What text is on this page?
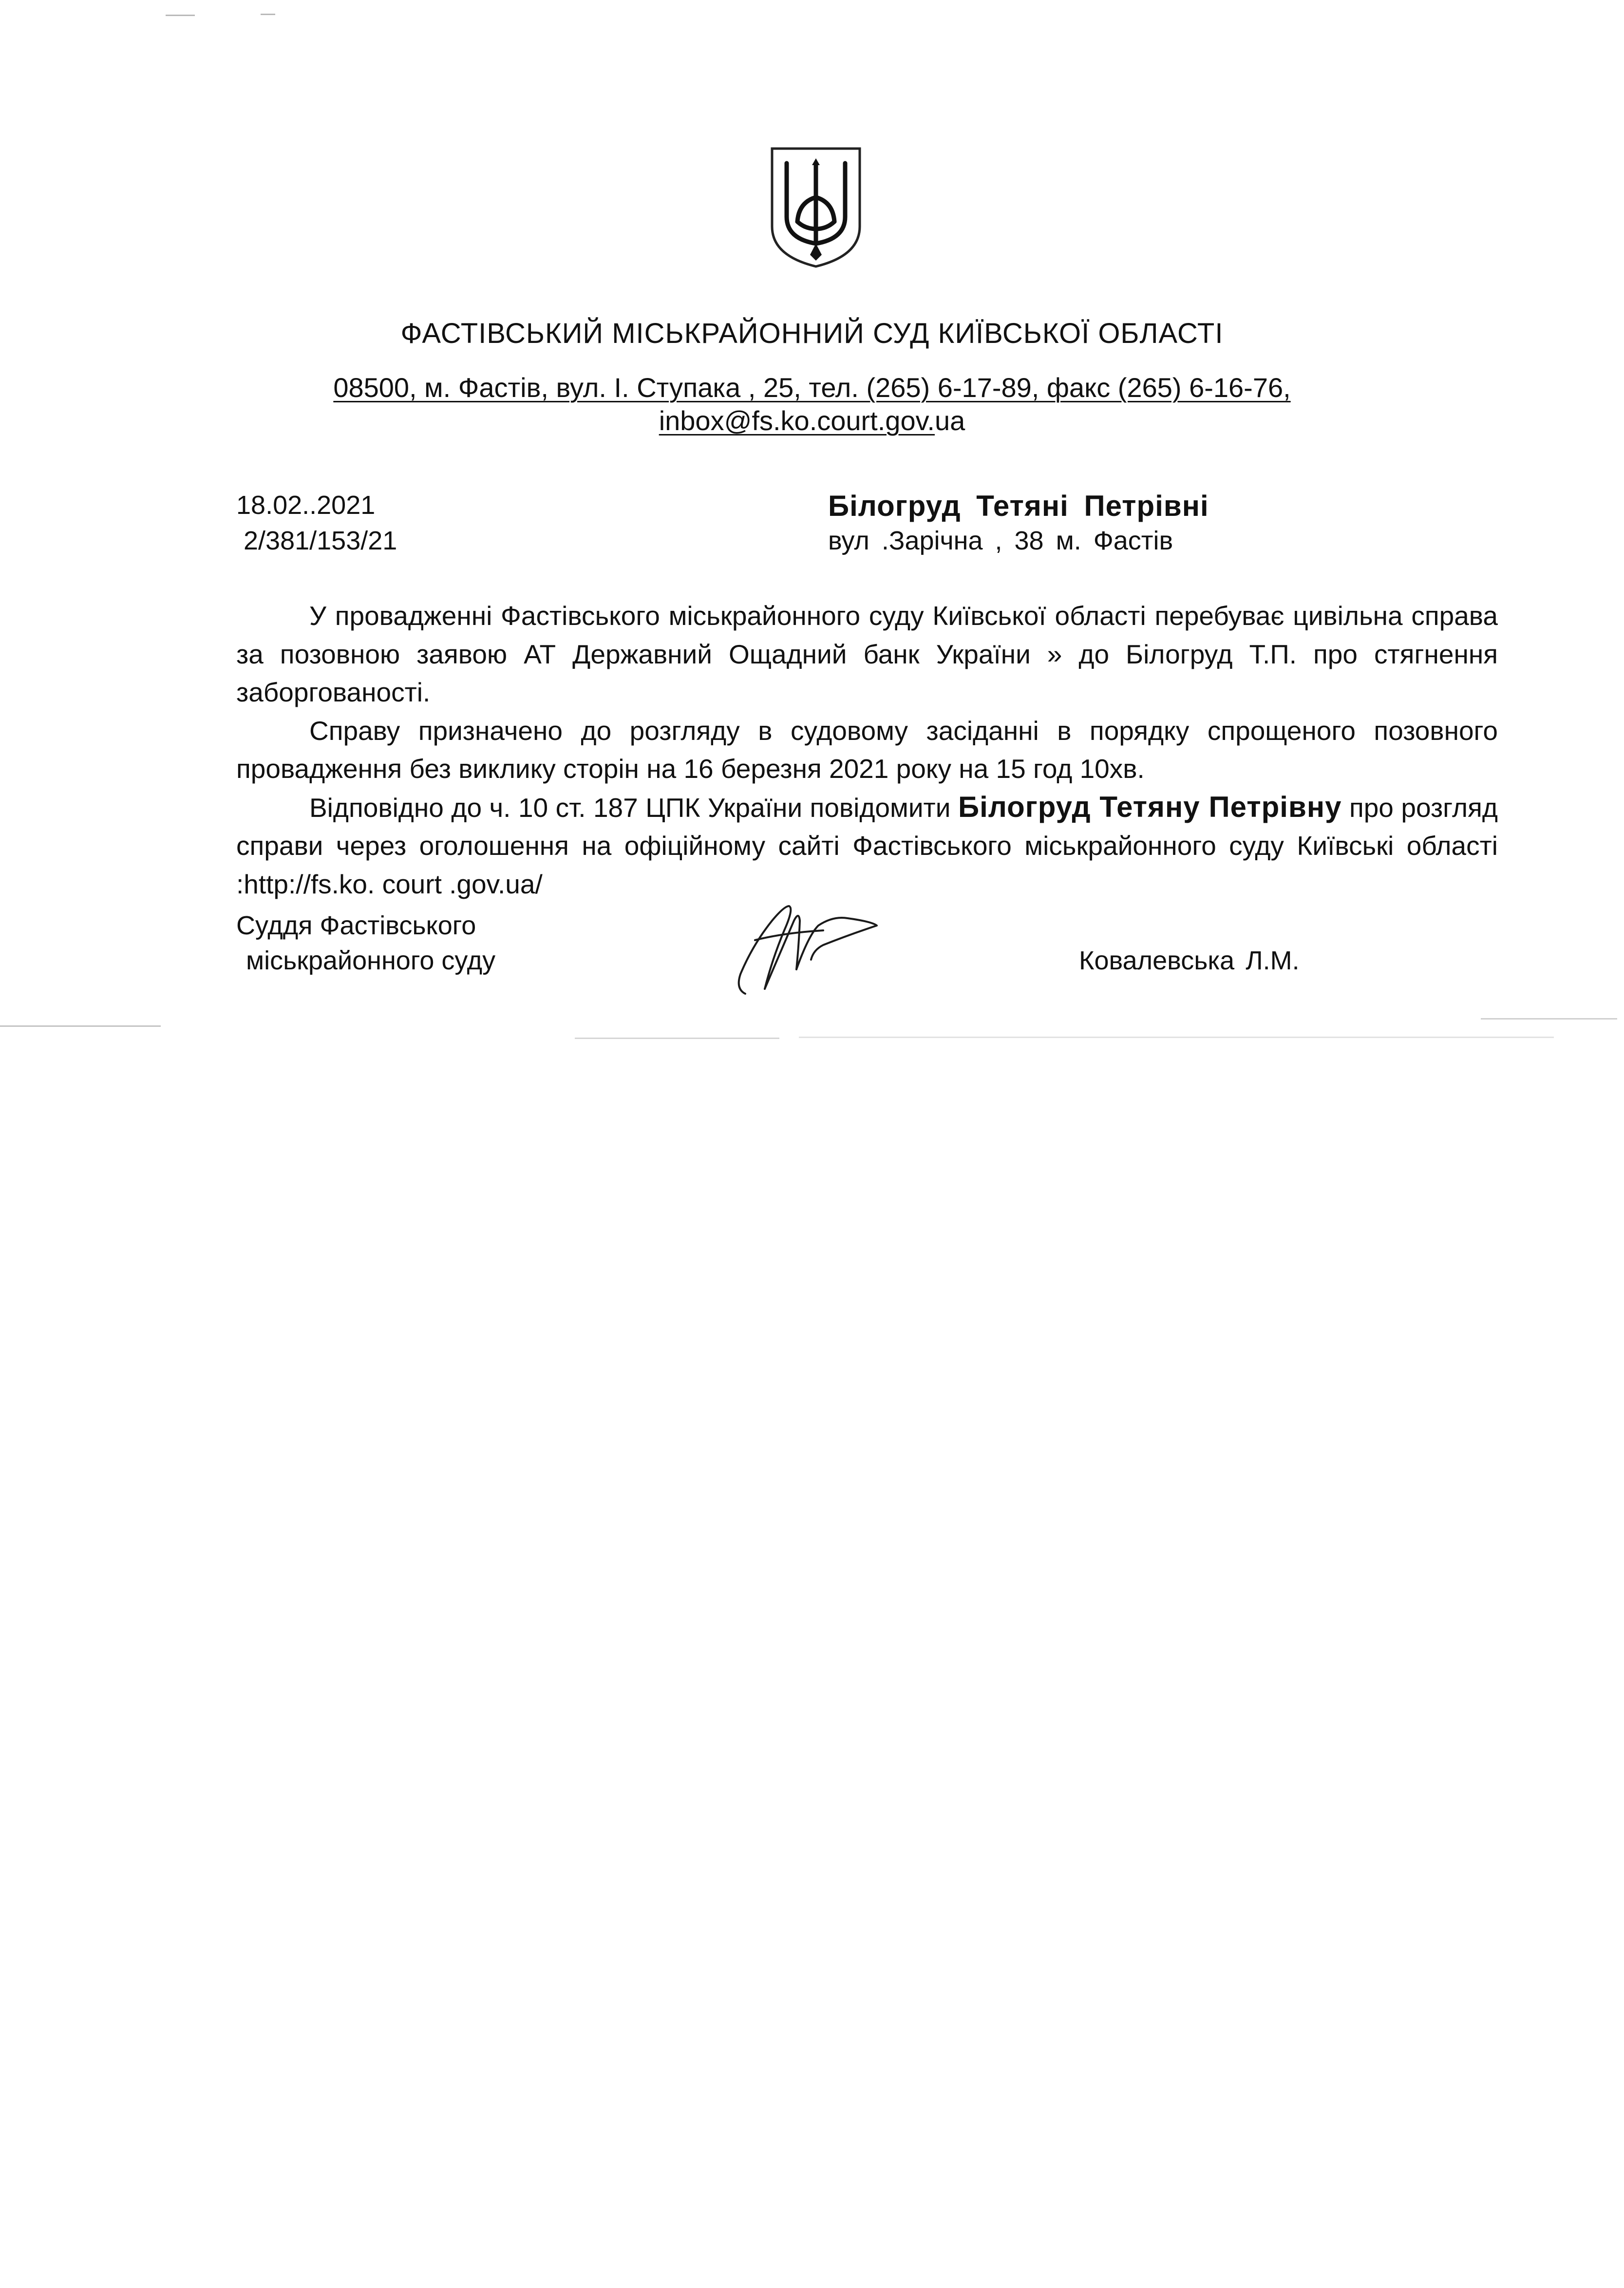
ФАСТІВСЬКИЙ МІСЬКРАЙОННИЙ СУД КИЇВСЬКОЇ ОБЛАСТІ
08500, м. Фастів, вул. І. Ступака , 25, тел. (265) 6-17-89, факс (265) 6-16-76,
inbox@fs.ko.court.gov.ua
18.02..2021
2/381/153/21
Білогруд Тетяні Петрівні
вул .Зарічна , 38 м. Фастів

У провадженні Фастівського міськрайонного суду Київської області перебуває цивільна справа за позовною заявою АТ Державний Ощадний банк України » до Білогруд Т.П. про стягнення заборгованості.

Справу призначено до розгляду в судовому засіданні в порядку спрощеного позовного провадження без виклику сторін на 16 березня 2021 року на 15 год 10хв.

Відповідно до ч. 10 ст. 187 ЦПК України повідомити Білогруд Тетяну Петрівну про розгляд справи через оголошення на офіційному сайті Фастівського міськрайонного суду Київські області :http://fs.ko. court .gov.ua/

Суддя Фастівського
міськрайонного суду	Ковалевська Л.М.
